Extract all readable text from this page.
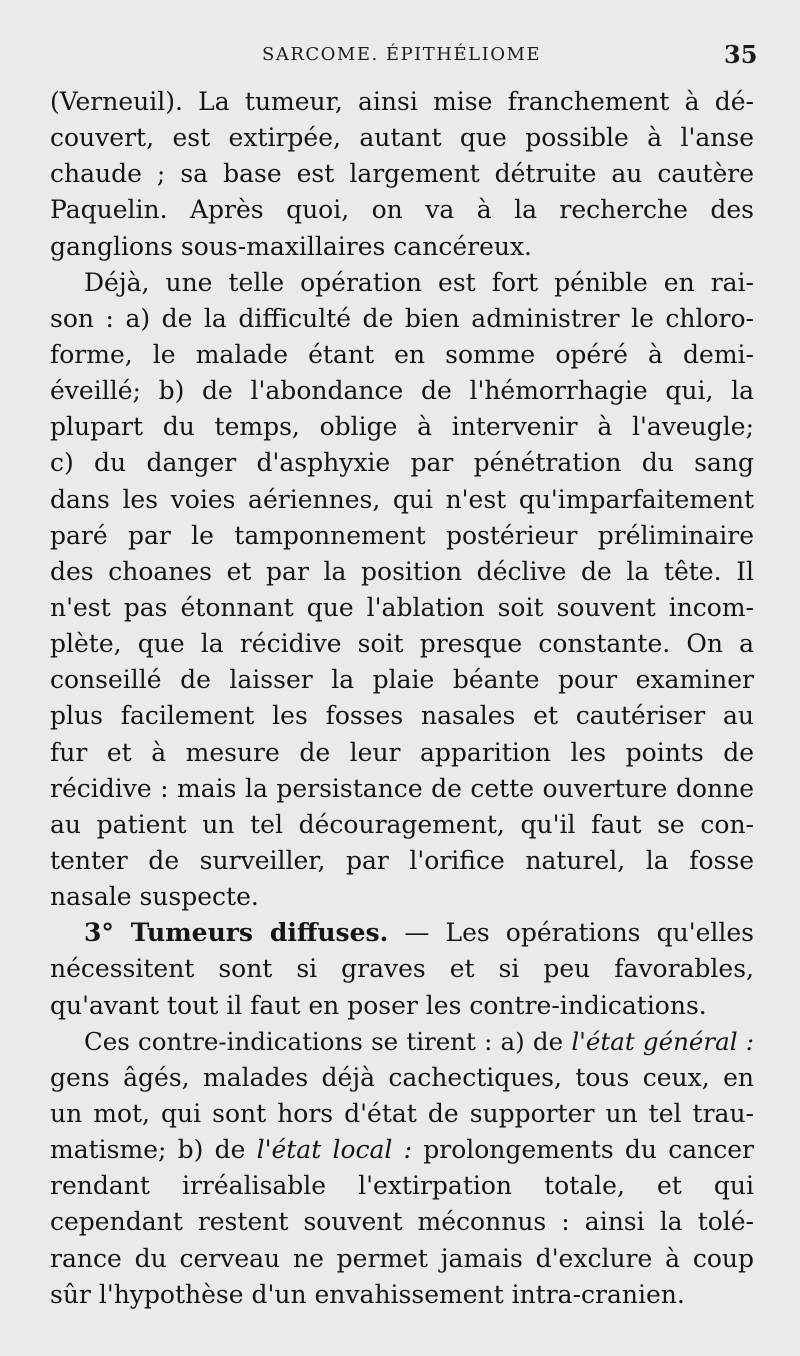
SARCOME. ÉPITHÉLIOME	35
(Verneuil). La tumeur, ainsi mise franchement à dé-
couvert, est extirpée, autant que possible à l'anse
chaude ; sa base est largement détruite au cautère
Paquelin. Après quoi, on va à la recherche des
ganglions sous-maxillaires cancéreux.
Déjà, une telle opération est fort pénible en rai-
son : a) de la difficulté de bien administrer le chloro-
forme, le malade étant en somme opéré à demi-
éveillé; b) de l'abondance de l'hémorrhagie qui, la
plupart du temps, oblige à intervenir à l'aveugle;
c) du danger d'asphyxie par pénétration du sang
dans les voies aériennes, qui n'est qu'imparfaitement
paré par le tamponnement postérieur préliminaire
des choanes et par la position déclive de la tête. Il
n'est pas étonnant que l'ablation soit souvent incom-
plète, que la récidive soit presque constante. On a
conseillé de laisser la plaie béante pour examiner
plus facilement les fosses nasales et cautériser au
fur et à mesure de leur apparition les points de
récidive : mais la persistance de cette ouverture donne
au patient un tel découragement, qu'il faut se con-
tenter de surveiller, par l'orifice naturel, la fosse
nasale suspecte.
3° Tumeurs diffuses. — Les opérations qu'elles
nécessitent sont si graves et si peu favorables,
qu'avant tout il faut en poser les contre-indications.
Ces contre-indications se tirent : a) de l'état général :
gens âgés, malades déjà cachectiques, tous ceux, en
un mot, qui sont hors d'état de supporter un tel trau-
matisme; b) de l'état local : prolongements du cancer
rendant irréalisable l'extirpation totale, et qui
cependant restent souvent méconnus : ainsi la tolé-
rance du cerveau ne permet jamais d'exclure à coup
sûr l'hypothèse d'un envahissement intra-cranien.
